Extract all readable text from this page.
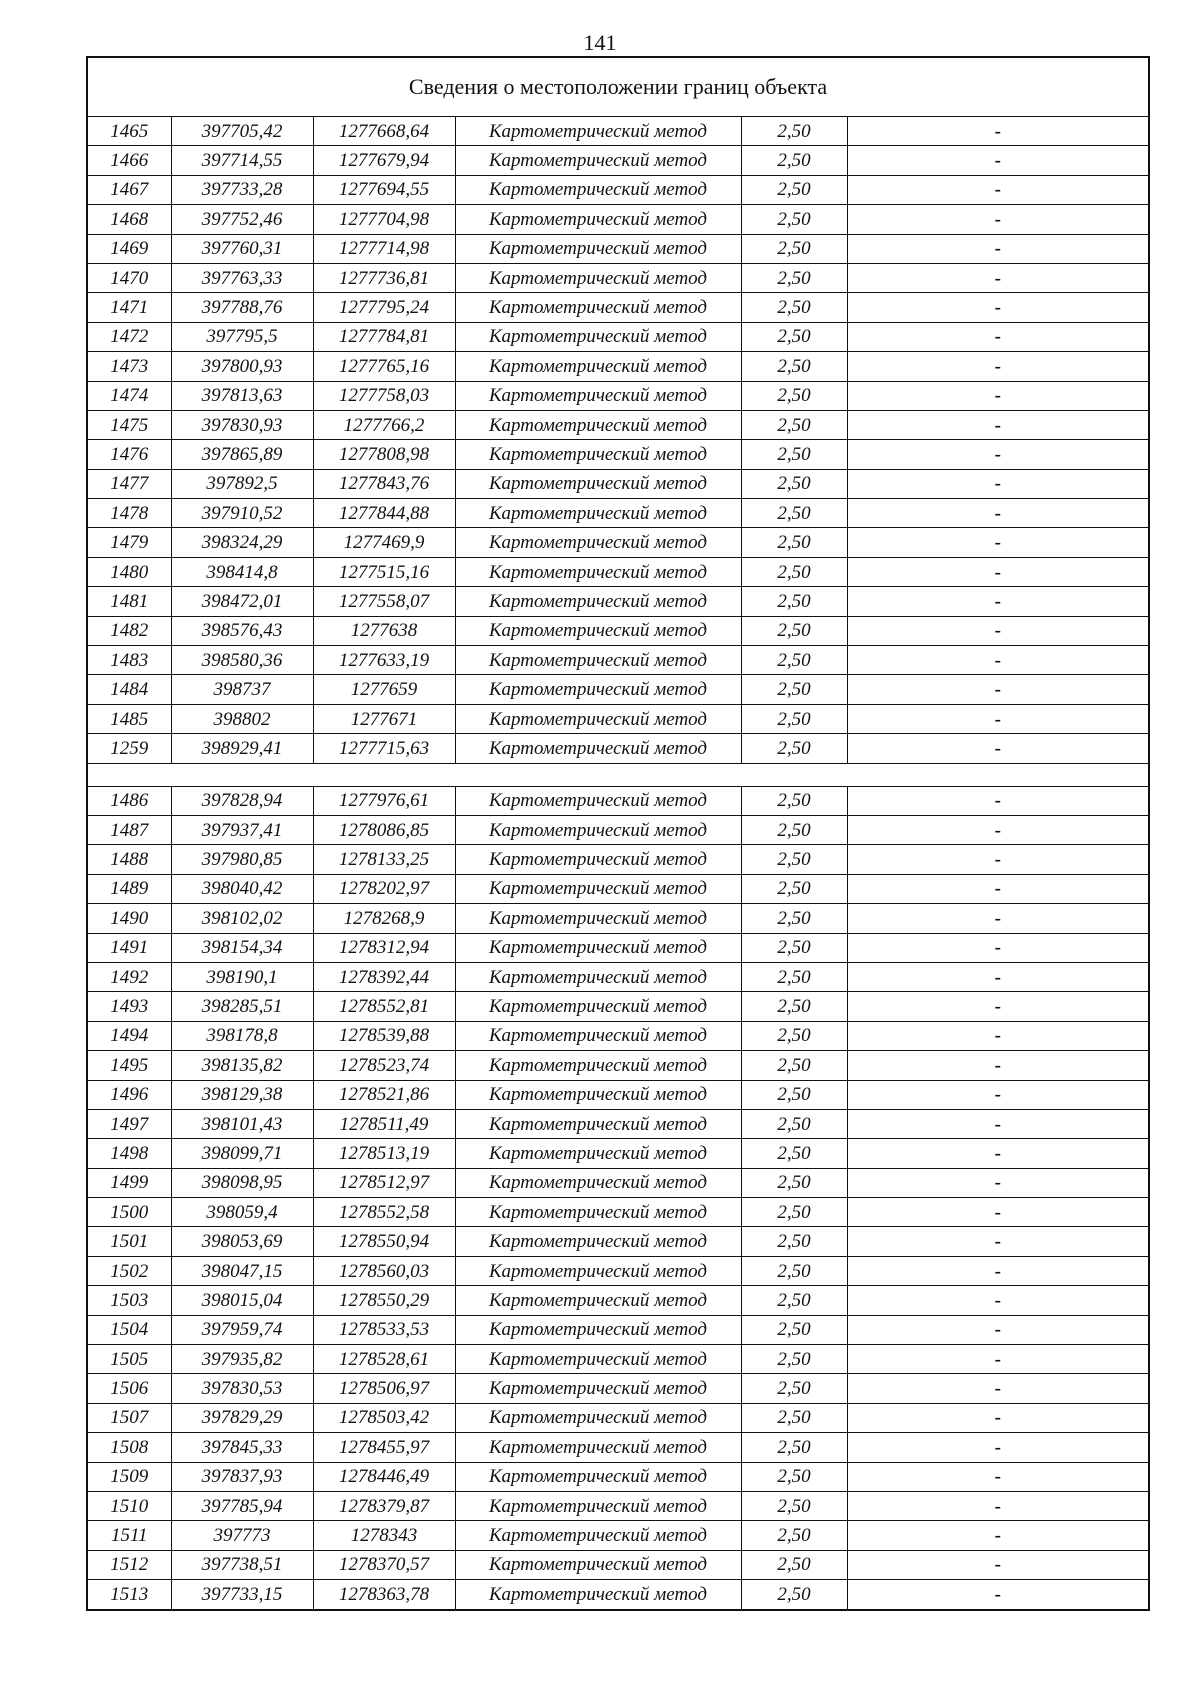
141
Сведения о местоположении границ объекта					
1465	397705,42	1277668,64	Картометрический метод	2,50	-
1466	397714,55	1277679,94	Картометрический метод	2,50	-
1467	397733,28	1277694,55	Картометрический метод	2,50	-
1468	397752,46	1277704,98	Картометрический метод	2,50	-
1469	397760,31	1277714,98	Картометрический метод	2,50	-
1470	397763,33	1277736,81	Картометрический метод	2,50	-
1471	397788,76	1277795,24	Картометрический метод	2,50	-
1472	397795,5	1277784,81	Картометрический метод	2,50	-
1473	397800,93	1277765,16	Картометрический метод	2,50	-
1474	397813,63	1277758,03	Картометрический метод	2,50	-
1475	397830,93	1277766,2	Картометрический метод	2,50	-
1476	397865,89	1277808,98	Картометрический метод	2,50	-
1477	397892,5	1277843,76	Картометрический метод	2,50	-
1478	397910,52	1277844,88	Картометрический метод	2,50	-
1479	398324,29	1277469,9	Картометрический метод	2,50	-
1480	398414,8	1277515,16	Картометрический метод	2,50	-
1481	398472,01	1277558,07	Картометрический метод	2,50	-
1482	398576,43	1277638	Картометрический метод	2,50	-
1483	398580,36	1277633,19	Картометрический метод	2,50	-
1484	398737	1277659	Картометрический метод	2,50	-
1485	398802	1277671	Картометрический метод	2,50	-
1259	398929,41	1277715,63	Картометрический метод	2,50	-

1486	397828,94	1277976,61	Картометрический метод	2,50	-
1487	397937,41	1278086,85	Картометрический метод	2,50	-
1488	397980,85	1278133,25	Картометрический метод	2,50	-
1489	398040,42	1278202,97	Картометрический метод	2,50	-
1490	398102,02	1278268,9	Картометрический метод	2,50	-
1491	398154,34	1278312,94	Картометрический метод	2,50	-
1492	398190,1	1278392,44	Картометрический метод	2,50	-
1493	398285,51	1278552,81	Картометрический метод	2,50	-
1494	398178,8	1278539,88	Картометрический метод	2,50	-
1495	398135,82	1278523,74	Картометрический метод	2,50	-
1496	398129,38	1278521,86	Картометрический метод	2,50	-
1497	398101,43	1278511,49	Картометрический метод	2,50	-
1498	398099,71	1278513,19	Картометрический метод	2,50	-
1499	398098,95	1278512,97	Картометрический метод	2,50	-
1500	398059,4	1278552,58	Картометрический метод	2,50	-
1501	398053,69	1278550,94	Картометрический метод	2,50	-
1502	398047,15	1278560,03	Картометрический метод	2,50	-
1503	398015,04	1278550,29	Картометрический метод	2,50	-
1504	397959,74	1278533,53	Картометрический метод	2,50	-
1505	397935,82	1278528,61	Картометрический метод	2,50	-
1506	397830,53	1278506,97	Картометрический метод	2,50	-
1507	397829,29	1278503,42	Картометрический метод	2,50	-
1508	397845,33	1278455,97	Картометрический метод	2,50	-
1509	397837,93	1278446,49	Картометрический метод	2,50	-
1510	397785,94	1278379,87	Картометрический метод	2,50	-
1511	397773	1278343	Картометрический метод	2,50	-
1512	397738,51	1278370,57	Картометрический метод	2,50	-
1513	397733,15	1278363,78	Картометрический метод	2,50	-
